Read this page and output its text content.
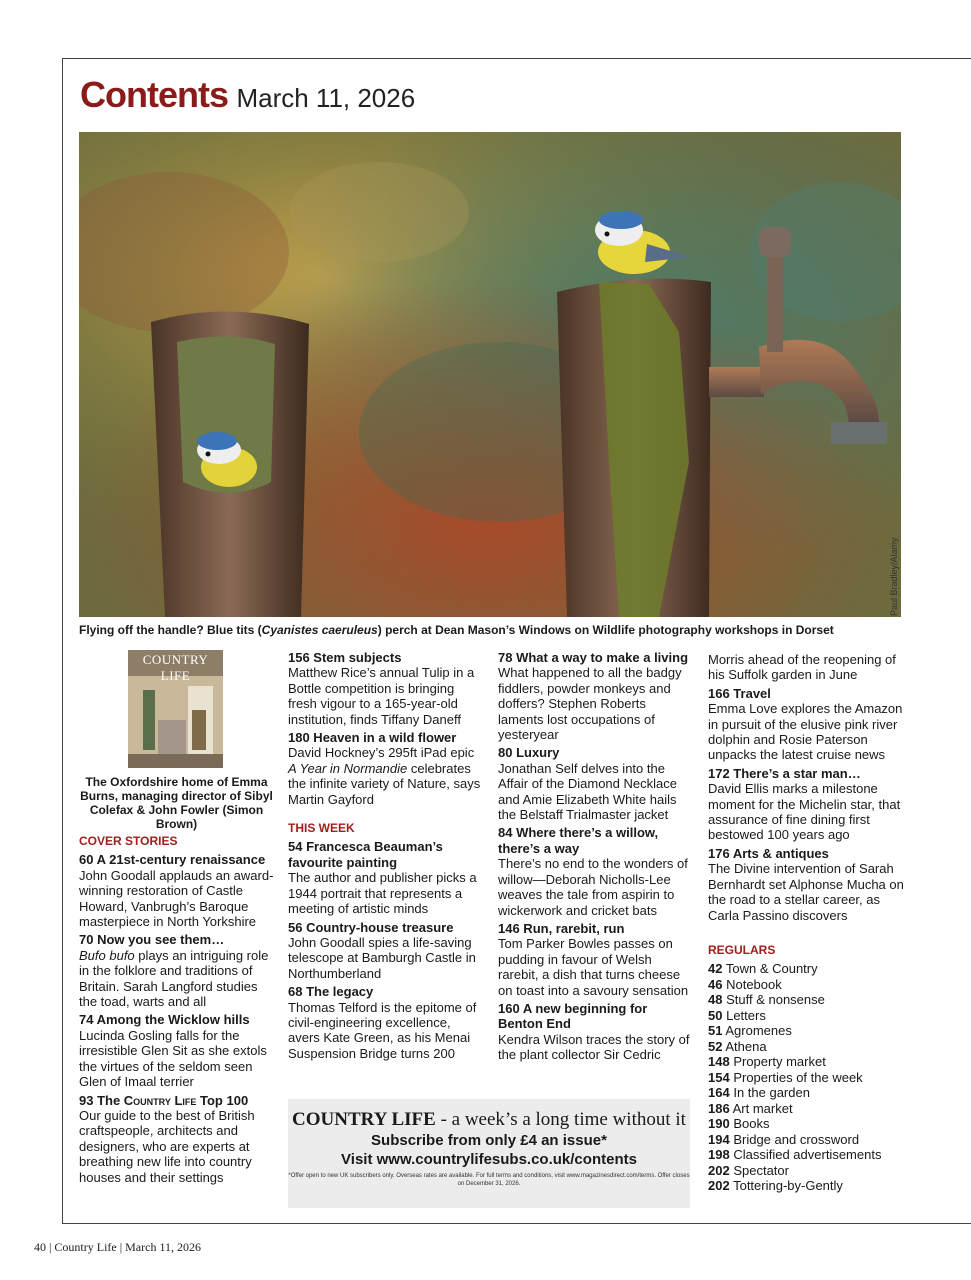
Contents March 11, 2026
Paul Bradley/Alamy
Flying off the handle? Blue tits (Cyanistes caeruleus) perch at Dean Mason’s Windows on Wildlife photography workshops in Dorset
COUNTRY LIFE
The Oxfordshire home of Emma Burns, managing director of Sibyl Colefax & John Fowler (Simon Brown)
COVER STORIES
60 A 21st-century renaissance
John Goodall applauds an award-winning restoration of Castle Howard, Vanbrugh’s Baroque masterpiece in North Yorkshire
70 Now you see them…
Bufo bufo plays an intriguing role in the folklore and traditions of Britain. Sarah Langford studies the toad, warts and all
74 Among the Wicklow hills
Lucinda Gosling falls for the irresistible Glen Sit as she extols the virtues of the seldom seen Glen of Imaal terrier
93 The Country Life Top 100
Our guide to the best of British craftspeople, architects and designers, who are experts at breathing new life into country houses and their settings
156 Stem subjects
Matthew Rice’s annual Tulip in a Bottle competition is bringing fresh vigour to a 165-year-old institution, finds Tiffany Daneff
180 Heaven in a wild flower
David Hockney’s 295ft iPad epic A Year in Normandie celebrates the infinite variety of Nature, says Martin Gayford
THIS WEEK
54 Francesca Beauman’s favourite painting
The author and publisher picks a 1944 portrait that represents a meeting of artistic minds
56 Country-house treasure
John Goodall spies a life-saving telescope at Bamburgh Castle in Northumberland
68 The legacy
Thomas Telford is the epitome of civil-engineering excellence, avers Kate Green, as his Menai Suspension Bridge turns 200
78 What a way to make a living
What happened to all the badgy fiddlers, powder monkeys and doffers? Stephen Roberts laments lost occupations of yesteryear
80 Luxury
Jonathan Self delves into the Affair of the Diamond Necklace and Amie Elizabeth White hails the Belstaff Trialmaster jacket
84 Where there’s a willow, there’s a way
There’s no end to the wonders of willow—Deborah Nicholls-Lee weaves the tale from aspirin to wickerwork and cricket bats
146 Run, rarebit, run
Tom Parker Bowles passes on pudding in favour of Welsh rarebit, a dish that turns cheese on toast into a savoury sensation
160 A new beginning for Benton End
Kendra Wilson traces the story of the plant collector Sir Cedric
Morris ahead of the reopening of his Suffolk garden in June
166 Travel
Emma Love explores the Amazon in pursuit of the elusive pink river dolphin and Rosie Paterson unpacks the latest cruise news
172 There’s a star man…
David Ellis marks a milestone moment for the Michelin star, that assurance of fine dining first bestowed 100 years ago
176 Arts & antiques
The Divine intervention of Sarah Bernhardt set Alphonse Mucha on the road to a stellar career, as Carla Passino discovers
REGULARS
42 Town & Country
46 Notebook
48 Stuff & nonsense
50 Letters
51 Agromenes
52 Athena
148 Property market
154 Properties of the week
164 In the garden
186 Art market
190 Books
194 Bridge and crossword
198 Classified advertisements
202 Spectator
202 Tottering-by-Gently
COUNTRY LIFE - a week’s a long time without it
Subscribe from only £4 an issue*
Visit www.countrylifesubs.co.uk/contents
*Offer open to new UK subscribers only. Overseas rates are available. For full terms and conditions, visit www.magazinesdirect.com/terms. Offer closes on December 31, 2026.
40 | Country Life | March 11, 2026
